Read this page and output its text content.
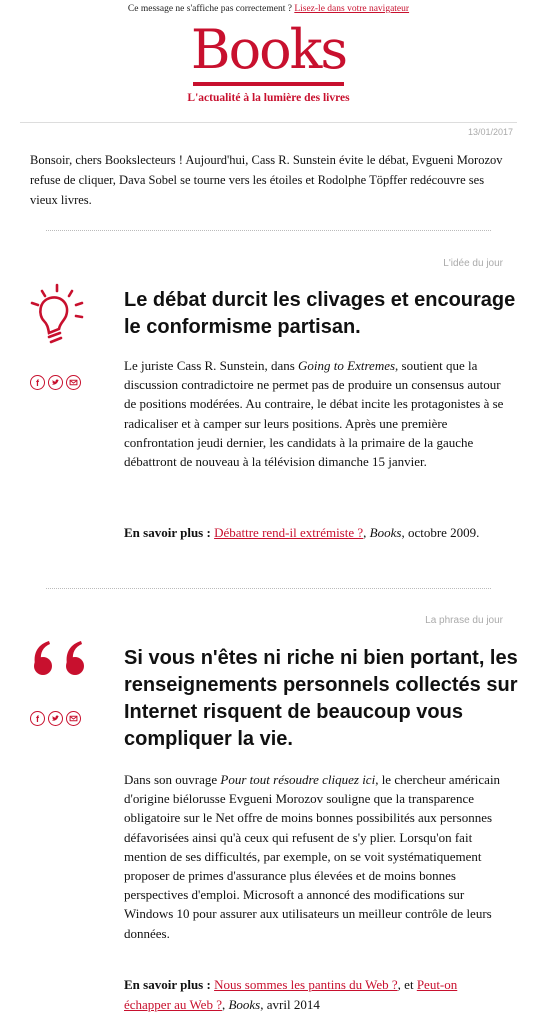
Ce message ne s'affiche pas correctement ? Lisez-le dans votre navigateur
Books
L'actualité à la lumière des livres
13/01/2017
Bonsoir, chers Bookslecteurs ! Aujourd'hui, Cass R. Sunstein évite le débat, Evgueni Morozov refuse de cliquer, Dava Sobel se tourne vers les étoiles et Rodolphe Töpffer redécouvre ses vieux livres.
L'idée du jour
Le débat durcit les clivages et encourage le conformisme partisan.
f
Le juriste Cass R. Sunstein, dans Going to Extremes, soutient que la discussion contradictoire ne permet pas de produire un consensus autour de positions modérées. Au contraire, le débat incite les protagonistes à se radicaliser et à camper sur leurs positions. Après une première confrontation jeudi dernier, les candidats à la primaire de la gauche débattront de nouveau à la télévision dimanche 15 janvier.
En savoir plus : Débattre rend-il extrémiste ?, Books, octobre 2009.
La phrase du jour
Si vous n'êtes ni riche ni bien portant, les renseignements personnels collectés sur Internet risquent de beaucoup vous compliquer la vie.
f
Dans son ouvrage Pour tout résoudre cliquez ici, le chercheur américain d'origine biélorusse Evgueni Morozov souligne que la transparence obligatoire sur le Net offre de moins bonnes possibilités aux personnes défavorisées ainsi qu'à ceux qui refusent de s'y plier. Lorsqu'on fait mention de ses difficultés, par exemple, on se voit systématiquement proposer de primes d'assurance plus élevées et de moins bonnes perspectives d'emploi. Microsoft a annoncé des modifications sur Windows 10 pour assurer aux utilisateurs un meilleur contrôle de leurs données.
En savoir plus : Nous sommes les pantins du Web ?, et Peut-on échapper au Web ?, Books, avril 2014
